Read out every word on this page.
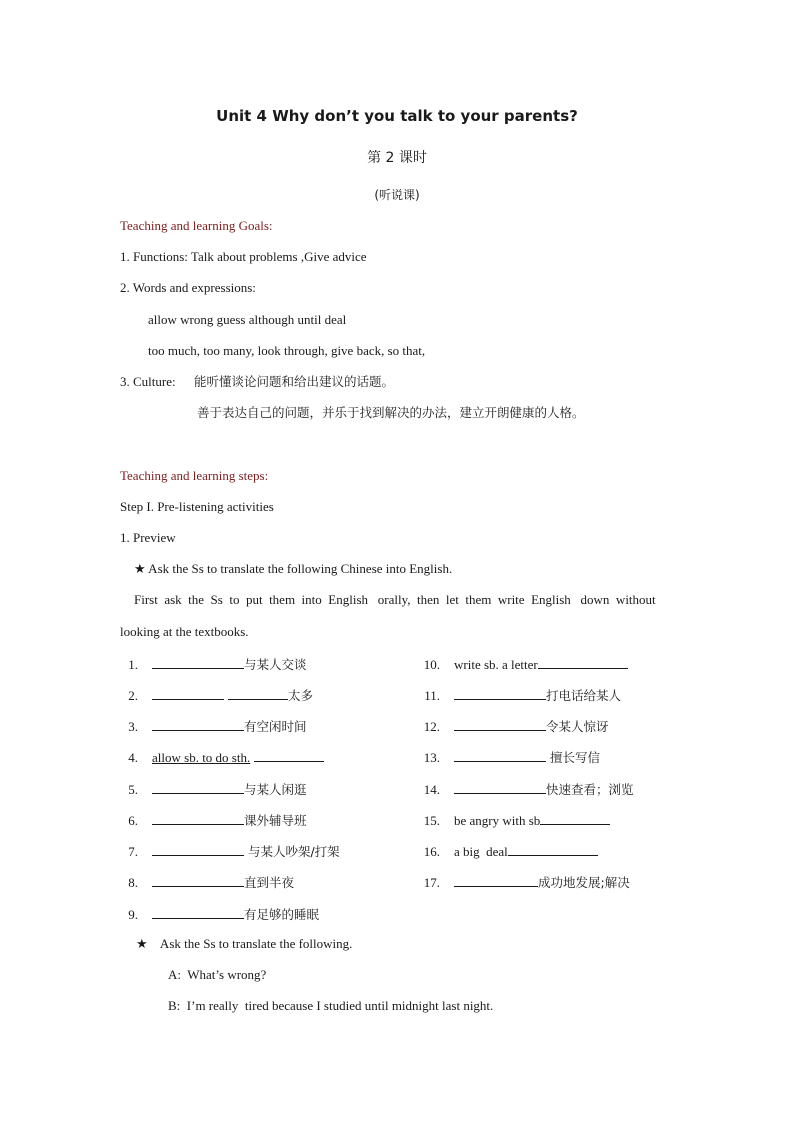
Unit 4 Why don’t you talk to your parents?
第 2 课时
(听说课)
Teaching and learning Goals:
1. Functions: Talk about problems ,Give advice
2. Words and expressions:
allow wrong guess although until deal
too much, too many, look through, give back, so that,
3. Culture: 能听懂谈论问题和给出建议的话题。
善于表达自己的问题，并乐于找到解决的办法，建立开朗健康的人格。
Teaching and learning steps:
Step I. Pre-listening activities
1. Preview
★ Ask the Ss to translate the following Chinese into English.
First  ask  the  Ss  to  put  them  into  English   orally,  then  let  them  write  English   down  without
looking at the textbooks.
1.	与某人交谈
2.	太多
3.	有空闲时间
4. allow sb. to do sth.
5.	与某人闲逛
6.	课外辅导班
7.	与某人吵架/打架
8.	直到半夜
9.	有足够的睡眠
10. write sb. a letter
11.	打电话给某人
12.	令某人惊讶
13.	擅长写信
14.	快速查看；浏览
15. be angry with sb
16. a big  deal
17.	成功地发展;解决
★    Ask the Ss to translate the following.
A:  What’s wrong?
B:  I’m really  tired because I studied until midnight last night.
